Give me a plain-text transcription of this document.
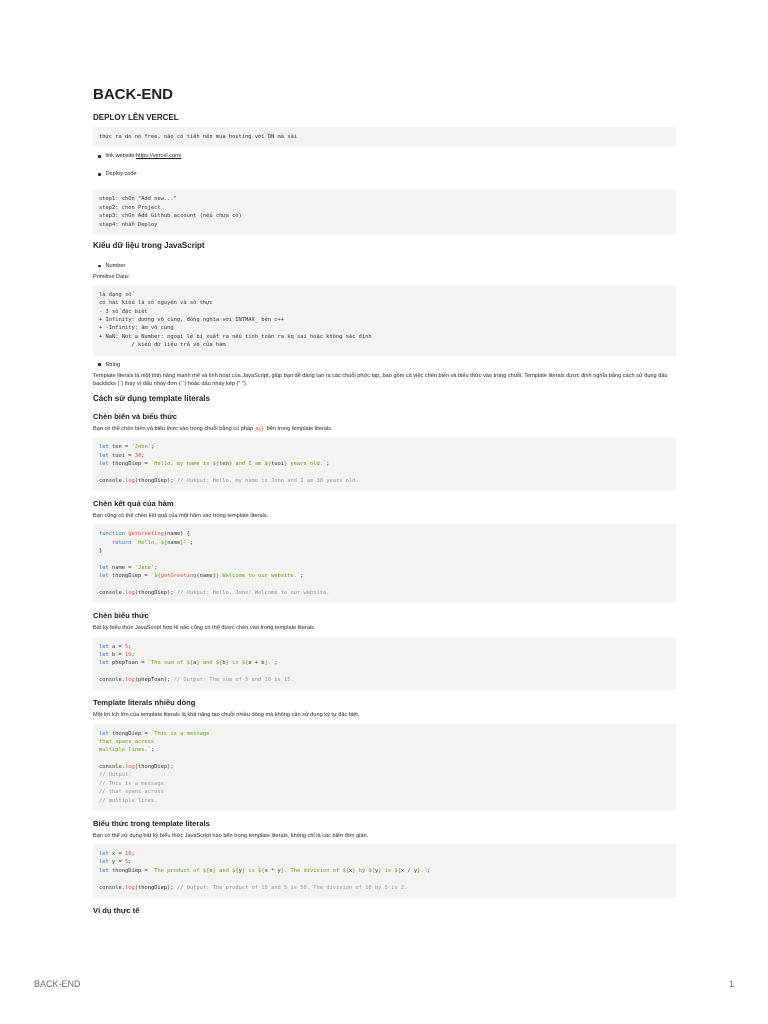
BACK-END
DEPLOY LÊN VERCEL
thực ra do nó free, nào có tiền nên mua hosting với DN mà sài
link website: https://vercel.com/
Deploy code
step1: chOn "Add new..."
step2: chon Project
step3: chOn Add Github account (nếu chưa có)
step4: nhẫn Deploy
Kiểu dữ liệu trong JavaScript
Number

Primitive Data:

là dạng số
có hai kiểu là số nguyên và số thực
- 3 số đặc biệt
+ Infinity: dương vô cùng, đồng nghĩa với INTMAX_ bên c++
+ -Infinity: âm vô cùng
+ NaN: Not a Number: ngoại lệ bị xuất ra nếu tính toán ra kq sai hoặc không xác định
/ kiểu dữ liệu trả về của hàm
String

Template literals là một tính năng mạnh mẽ và linh hoạt của JavaScript, giúp bạn dễ dàng tạo ra các chuỗi phức tạp, bao gồm cả việc chèn biến và biểu thức vào trong chuỗi. Template literals được định nghĩa bằng cách sử dụng dấu backticks (`) thay vì dấu nháy đơn (' ') hoặc dấu nháy kép (" ").

Cách sử dụng template literals
Chèn biến và biểu thức

Bạn có thể chèn biến và biểu thức vào trong chuỗi bằng cú pháp ${} bên trong template literals.

let ten = 'John';
let tuoi = 30;
let thongDiep = `Hello, my name is ${ten} and I am ${tuoi} years old.`;

console.log(thongDiep); // Output: Hello, my name is John and I am 30 years old.
Chèn kết quả của hàm

Bạn cũng có thể chèn kết quả của một hàm vào trong template literals.

function getGreeting(name) {
return `Hello, ${name}!`;
}

let name = 'Jane';
let thongDiep = `${getGreeting(name)} Welcome to our website.`;

console.log(thongDiep); // Output: Hello, Jane! Welcome to our website.
Chèn biểu thức

Bất kỳ biểu thức JavaScript hợp lệ nào cũng có thể được chèn vào trong template literals.

let a = 5;
let b = 10;
let phepToan = `The sum of ${a} and ${b} is ${a + b}.`;

console.log(phepToan); // Output: The sum of 5 and 10 is 15.
Template literals nhiều dòng

Một lợi ích lớn của template literals là khả năng tạo chuỗi nhiều dòng mà không cần sử dụng ký tự đặc biệt.

let thongDiep = `This is a message
that spans across
multiple lines.`;

console.log(thongDiep);
// Output:
// This is a message
// that spans across
// multiple lines.
Biểu thức trong template literals

Bạn có thể sử dụng bất kỳ biểu thức JavaScript nào bên trong template literals, không chỉ là các biến đơn giản.

let x = 10;
let y = 5;
let thongDiep = `The product of ${x} and ${y} is ${x * y}. The division of ${x} by ${y} is ${x / y}.`;

console.log(thongDiep); // Output: The product of 10 and 5 is 50. The division of 10 by 5 is 2.
Ví dụ thực tế
BACK-END	1
